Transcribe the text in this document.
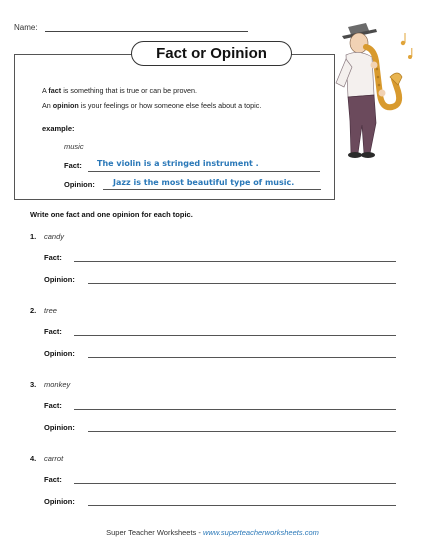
Name:
Fact or Opinion
A fact is something that is true or can be proven.
An opinion is your feelings or how someone else feels about a topic.
example:
music
Fact: The violin is a stringed instrument .
Opinion: Jazz is the most beautiful type of music.
Write one fact and one opinion for each topic.
1. candy
Fact:
Opinion:
2. tree
Fact:
Opinion:
3. monkey
Fact:
Opinion:
4. carrot
Fact:
Opinion:
Super Teacher Worksheets - www.superteacherworksheets.com
